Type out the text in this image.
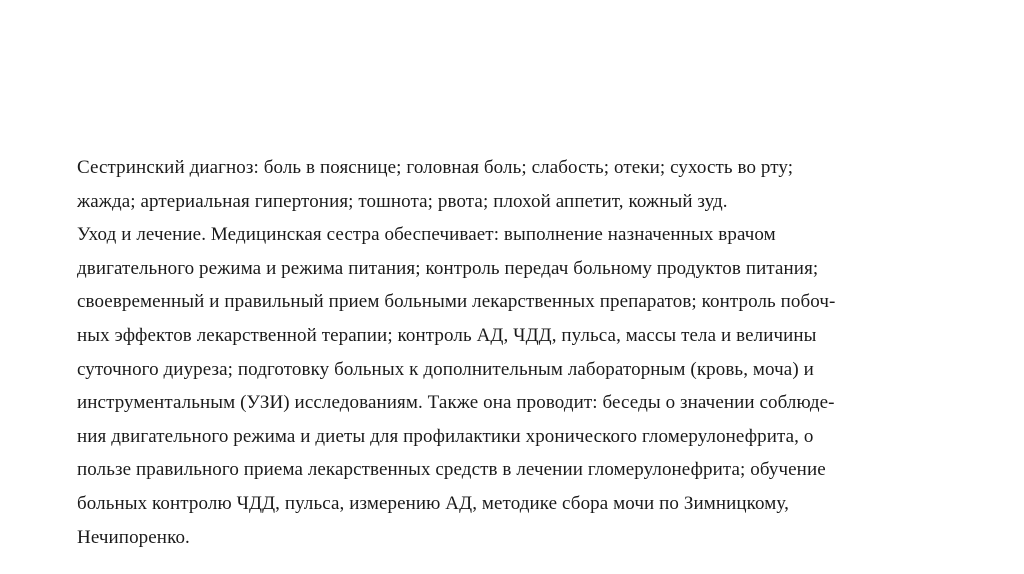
Сестринский диагноз: боль в пояснице; головная боль; слабость; отеки; сухость во рту;
жажда; артериальная гипертония; тошнота; рвота; плохой аппетит, кожный зуд.
Уход и лечение. Медицинская сестра обеспечивает: выполнение назначенных врачом
двигательного режима и режима питания; контроль передач больному продуктов питания;
своевременный и правильный прием больными лекарственных препаратов; контроль побоч-
ных эффектов лекарственной терапии; контроль АД, ЧДД, пульса, массы тела и величины
суточного диуреза; подготовку больных к дополнительным лабораторным (кровь, моча) и
инструментальным (УЗИ) исследованиям. Также она проводит: беседы о значении соблюде-
ния двигательного режима и диеты для профилактики хронического гломерулонефрита, о
пользе правильного приема лекарственных средств в лечении гломерулонефрита; обучение
больных контролю ЧДД, пульса, измерению АД, методике сбора мочи по Зимницкому,
Нечипоренко.
